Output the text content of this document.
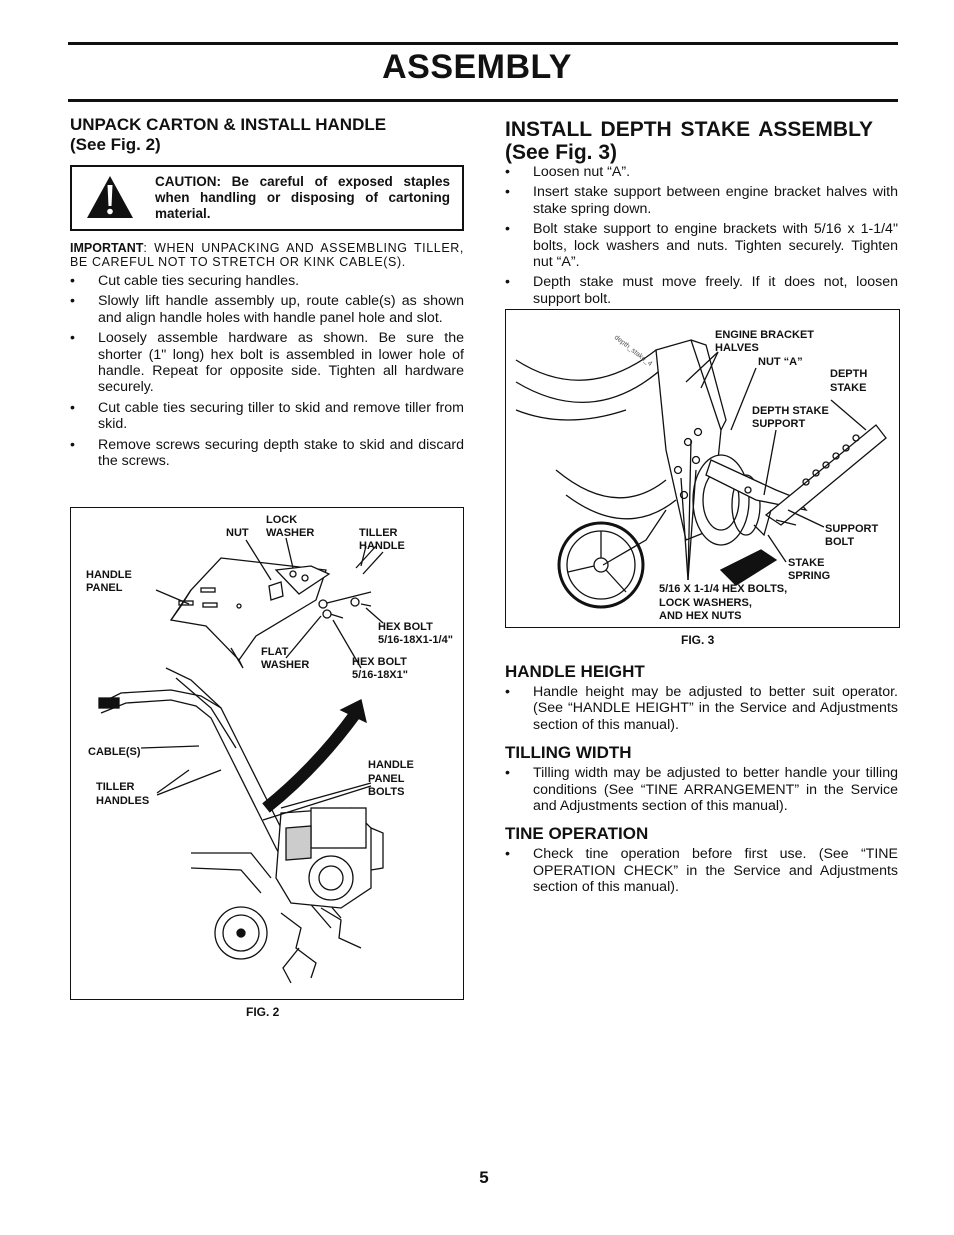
ASSEMBLY
UNPACK CARTON & INSTALL HANDLE
(See Fig. 2)
CAUTION: Be careful of exposed staples when handling or disposing of cartoning material.
IMPORTANT: WHEN UNPACKING AND ASSEMBLING TILLER, BE CAREFUL NOT TO STRETCH OR KINK CABLE(S).
• Cut cable ties securing handles.
• Slowly lift handle assembly up, route cable(s) as shown and align handle holes with handle panel hole and slot.
• Loosely assemble hardware as shown. Be sure the shorter (1" long) hex bolt is assembled in lower hole of handle. Repeat for opposite side. Tighten all hardware securely.
• Cut cable ties securing tiller to skid and remove tiller from skid.
• Remove screws securing depth stake to skid and discard the screws.
NUT
LOCK
WASHER	TILLER
HANDLE
HANDLE
PANEL
HEX BOLT
5/16-18X1-1/4"
FLAT
WASHER	HEX BOLT
5/16-18X1"
CABLE(S)
TILLER
HANDLES
HANDLE
PANEL
BOLTS
FIG. 2
INSTALL DEPTH STAKE ASSEMBLY
(See Fig. 3)
• Loosen nut “A”.
• Insert stake support between engine bracket halves with stake spring down.
• Bolt stake support to engine brackets with 5/16 x 1-1/4" bolts, lock washers and nuts. Tighten securely. Tighten nut “A”.
• Depth stake must move freely. If it does not, loosen support bolt.
depth_stake_4	ENGINE BRACKET
HALVES
NUT “A”
DEPTH
STAKE
DEPTH STAKE
SUPPORT
SUPPORT
BOLT
STAKE
SPRING
5/16 X 1-1/4 HEX BOLTS,
LOCK WASHERS,
AND HEX NUTS
FIG. 3
HANDLE HEIGHT
• Handle height may be adjusted to better suit operator. (See “HANDLE HEIGHT” in the Service and Adjustments section of this manual).
TILLING WIDTH
• Tilling width may be adjusted to better handle your tilling conditions (See “TINE ARRANGEMENT” in the Service and Adjustments section of this manual).
TINE OPERATION
• Check tine operation before first use. (See “TINE OPERATION CHECK” in the Service and Adjustments section of this manual).
5
